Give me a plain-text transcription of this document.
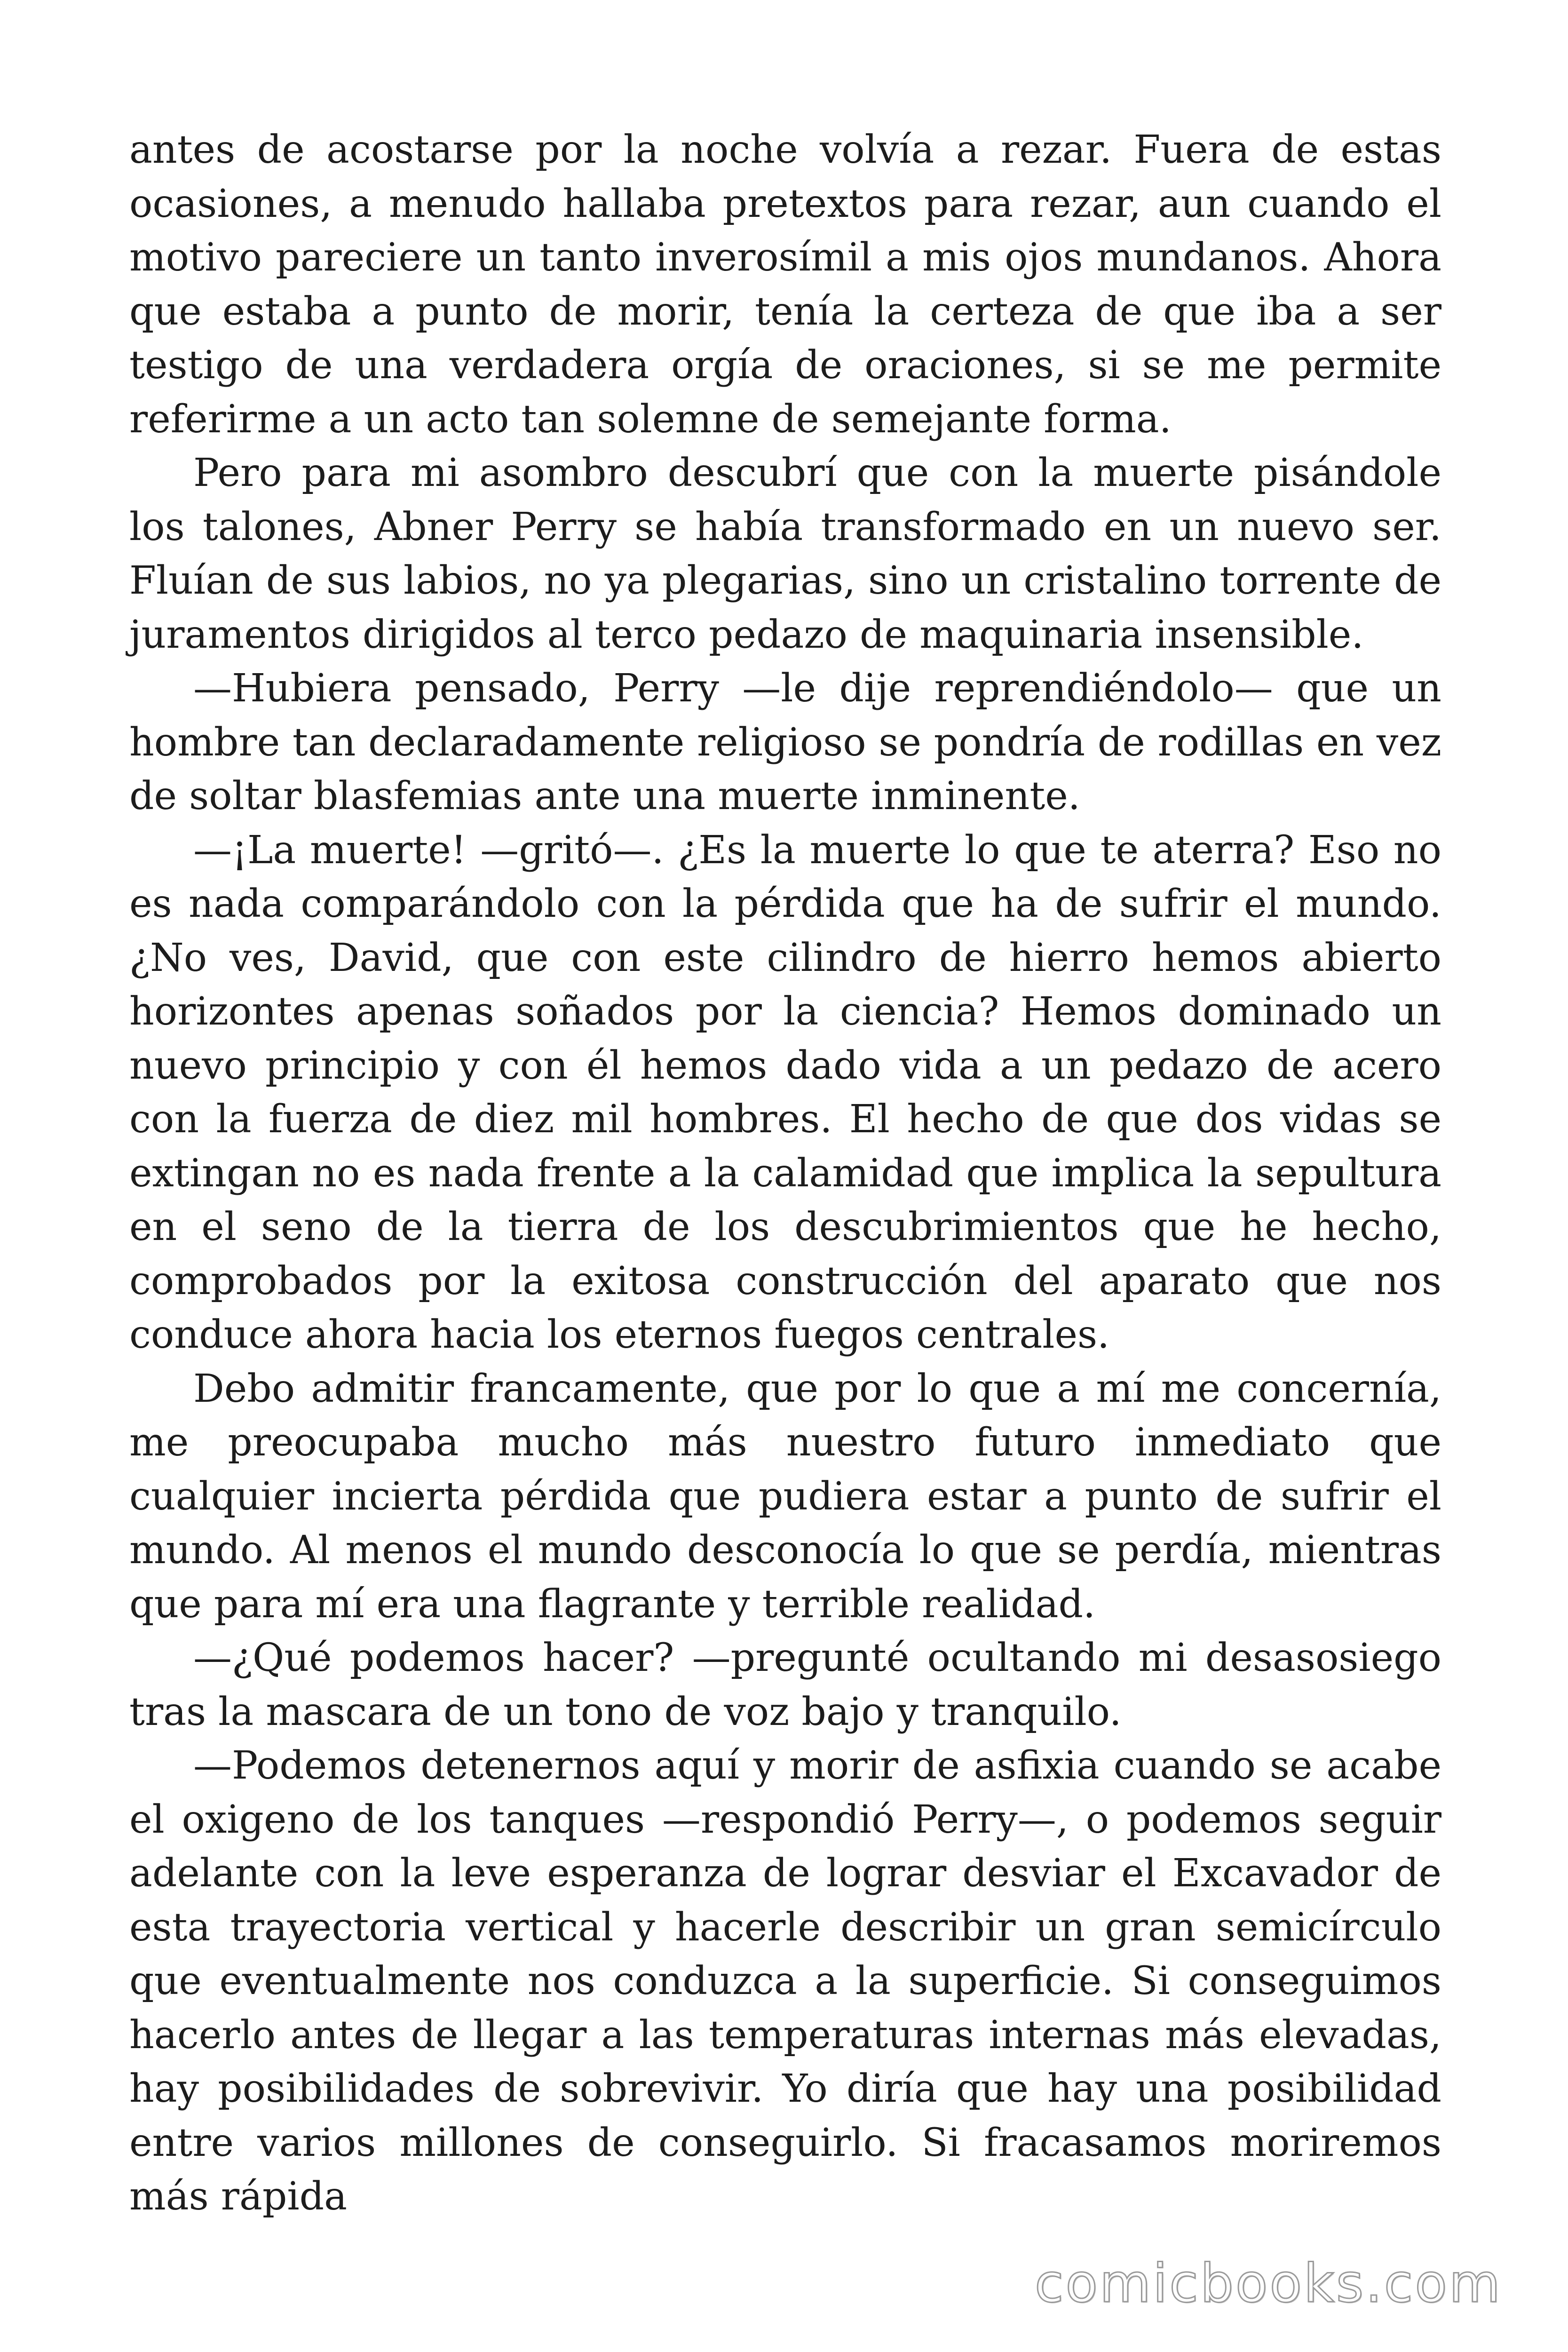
antes de acostarse por la noche volvía a rezar. Fuera de estas ocasiones, a menudo hallaba pretextos para rezar, aun cuando el motivo pareciere un tanto inverosímil a mis ojos mundanos. Ahora que estaba a punto de morir, tenía la certeza de que iba a ser testigo de una verdadera orgía de oraciones, si se me permite referirme a un acto tan solemne de semejante forma.

Pero para mi asombro descubrí que con la muerte pisándole los talones, Abner Perry se había transformado en un nuevo ser. Fluían de sus labios, no ya plegarias, sino un cristalino torrente de juramentos dirigidos al terco pedazo de maquinaria insensible.

—Hubiera pensado, Perry —le dije reprendiéndolo— que un hombre tan declaradamente religioso se pondría de rodillas en vez de soltar blasfemias ante una muerte inminente.

—¡La muerte! —gritó—. ¿Es la muerte lo que te aterra? Eso no es nada comparándolo con la pérdida que ha de sufrir el mundo. ¿No ves, David, que con este cilindro de hierro hemos abierto horizontes apenas soñados por la ciencia? Hemos dominado un nuevo principio y con él hemos dado vida a un pedazo de acero con la fuerza de diez mil hombres. El hecho de que dos vidas se extingan no es nada frente a la calamidad que implica la sepultura en el seno de la tierra de los descubrimientos que he hecho, comprobados por la exitosa construcción del aparato que nos conduce ahora hacia los eternos fuegos centrales.

Debo admitir francamente, que por lo que a mí me concernía, me preocupaba mucho más nuestro futuro inmediato que cualquier incierta pérdida que pudiera estar a punto de sufrir el mundo. Al menos el mundo desconocía lo que se perdía, mientras que para mí era una flagrante y terrible realidad.

—¿Qué podemos hacer? —pregunté ocultando mi desasosiego tras la mascara de un tono de voz bajo y tranquilo.

—Podemos detenernos aquí y morir de asfixia cuando se acabe el oxigeno de los tanques —respondió Perry—, o podemos seguir adelante con la leve esperanza de lograr desviar el Excavador de esta trayectoria vertical y hacerle describir un gran semicírculo que eventualmente nos conduzca a la superficie. Si conseguimos hacerlo antes de llegar a las temperaturas internas más elevadas, hay posibilidades de sobrevivir. Yo diría que hay una posibilidad entre varios millones de conseguirlo. Si fracasamos moriremos más rápida

comicbooks.com
